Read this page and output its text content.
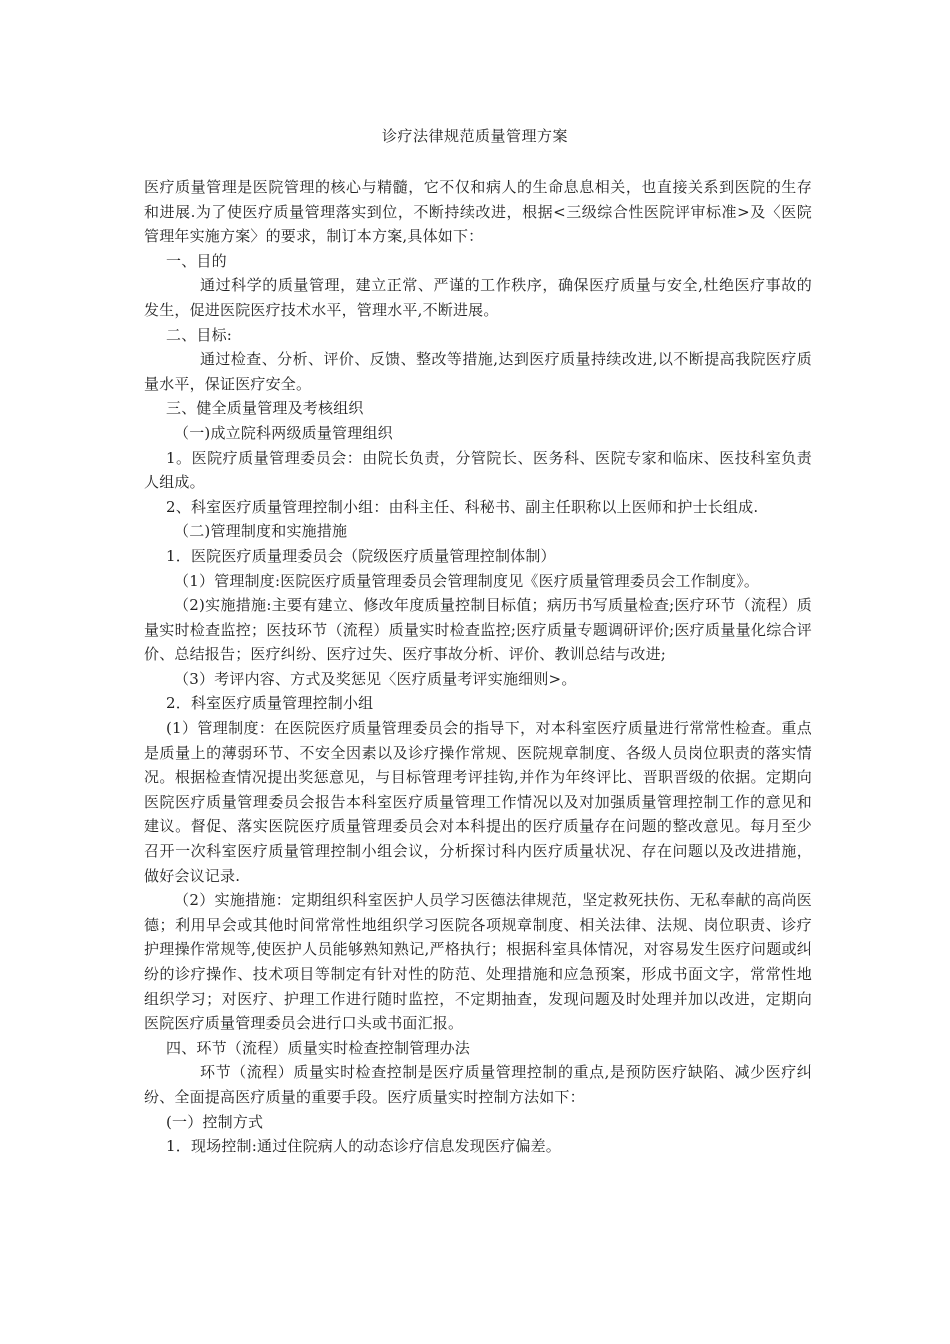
诊疗法律规范质量管理方案

医疗质量管理是医院管理的核心与精髓，它不仅和病人的生命息息相关，也直接关系到医院的生存和进展.为了使医疗质量管理落实到位，不断持续改进，根据<三级综合性医院评审标准>及〈医院管理年实施方案〉的要求，制订本方案,具体如下：

一、目的

通过科学的质量管理，建立正常、严谨的工作秩序，确保医疗质量与安全,杜绝医疗事故的发生，促进医院医疗技术水平，管理水平,不断进展。

二、目标:

通过检查、分析、评价、反馈、整改等措施,达到医疗质量持续改进,以不断提高我院医疗质量水平，保证医疗安全。

三、健全质量管理及考核组织

（一)成立院科两级质量管理组织

1。医院疗质量管理委员会：由院长负责，分管院长、医务科、医院专家和临床、医技科室负责人组成。

2、科室医疗质量管理控制小组：由科主任、科秘书、副主任职称以上医师和护士长组成.

（二)管理制度和实施措施

1．医院医疗质量理委员会（院级医疗质量管理控制体制）

（1）管理制度:医院医疗质量管理委员会管理制度见《医疗质量管理委员会工作制度》。

（2)实施措施:主要有建立、修改年度质量控制目标值；病历书写质量检查;医疗环节（流程）质量实时检查监控；医技环节（流程）质量实时检查监控;医疗质量专题调研评价;医疗质量量化综合评价、总结报告；医疗纠纷、医疗过失、医疗事故分析、评价、教训总结与改进;

（3）考评内容、方式及奖惩见〈医疗质量考评实施细则>。

2．科室医疗质量管理控制小组

(1）管理制度：在医院医疗质量管理委员会的指导下，对本科室医疗质量进行常常性检查。重点是质量上的薄弱环节、不安全因素以及诊疗操作常规、医院规章制度、各级人员岗位职责的落实情况。根据检查情况提出奖惩意见，与目标管理考评挂钩,并作为年终评比、晋职晋级的依据。定期向医院医疗质量管理委员会报告本科室医疗质量管理工作情况以及对加强质量管理控制工作的意见和建议。督促、落实医院医疗质量管理委员会对本科提出的医疗质量存在问题的整改意见。每月至少召开一次科室医疗质量管理控制小组会议，分析探讨科内医疗质量状况、存在问题以及改进措施，做好会议记录.

（2）实施措施：定期组织科室医护人员学习医德法律规范，坚定救死扶伤、无私奉献的高尚医德；利用早会或其他时间常常性地组织学习医院各项规章制度、相关法律、法规、岗位职责、诊疗护理操作常规等,使医护人员能够熟知熟记,严格执行；根据科室具体情况，对容易发生医疗问题或纠纷的诊疗操作、技术项目等制定有针对性的防范、处理措施和应急预案，形成书面文字，常常性地组织学习；对医疗、护理工作进行随时监控，不定期抽查，发现问题及时处理并加以改进，定期向医院医疗质量管理委员会进行口头或书面汇报。

四、环节（流程）质量实时检查控制管理办法

环节（流程）质量实时检查控制是医疗质量管理控制的重点,是预防医疗缺陷、减少医疗纠纷、全面提高医疗质量的重要手段。医疗质量实时控制方法如下：

(一）控制方式

1．现场控制:通过住院病人的动态诊疗信息发现医疗偏差。
